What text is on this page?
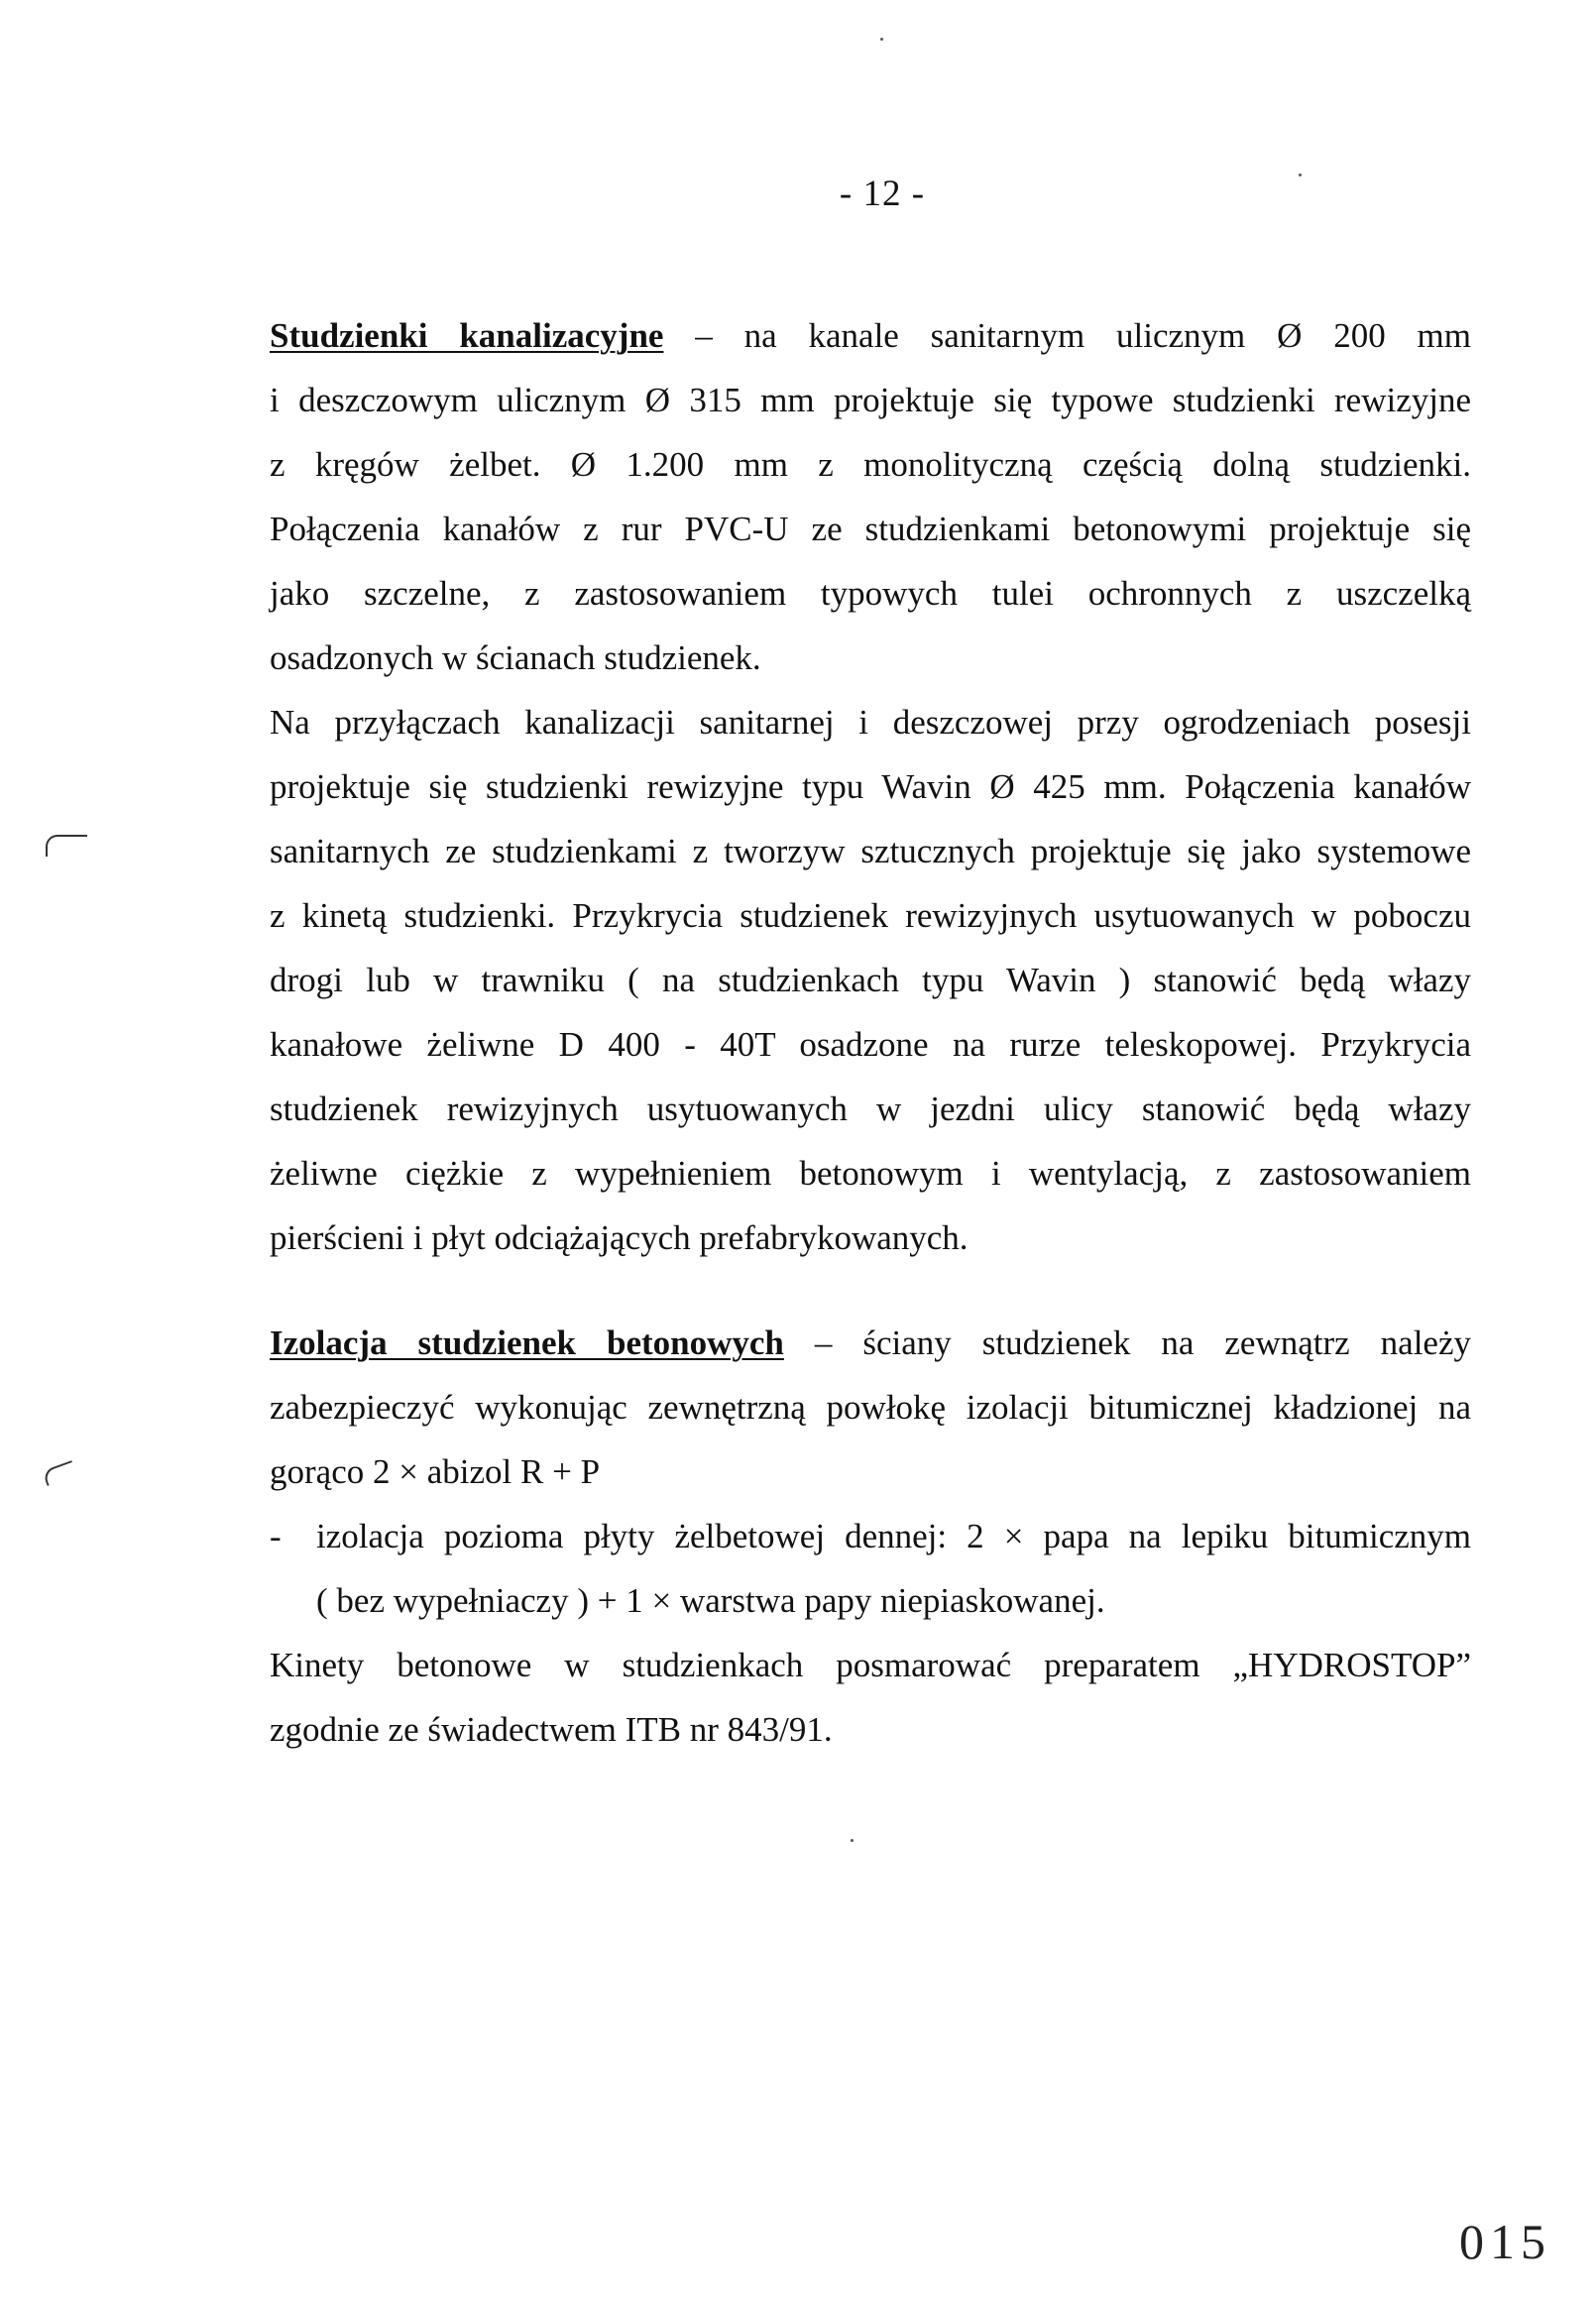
- 12 -
Studzienki kanalizacyjne – na kanale sanitarnym ulicznym Ø 200 mm
i deszczowym ulicznym Ø 315 mm projektuje się typowe studzienki rewizyjne
z kręgów żelbet. Ø 1.200 mm z monolityczną częścią dolną studzienki.
Połączenia kanałów z rur PVC-U ze studzienkami betonowymi projektuje się
jako szczelne, z zastosowaniem typowych tulei ochronnych z uszczelką
osadzonych w ścianach studzienek.
Na przyłączach kanalizacji sanitarnej i deszczowej przy ogrodzeniach posesji
projektuje się studzienki rewizyjne typu Wavin Ø 425 mm. Połączenia kanałów
sanitarnych ze studzienkami z tworzyw sztucznych projektuje się jako systemowe
z kinetą studzienki. Przykrycia studzienek rewizyjnych usytuowanych w poboczu
drogi lub w trawniku ( na studzienkach typu Wavin ) stanowić będą włazy
kanałowe żeliwne D 400 - 40T osadzone na rurze teleskopowej. Przykrycia
studzienek rewizyjnych usytuowanych w jezdni ulicy stanowić będą włazy
żeliwne ciężkie z wypełnieniem betonowym i wentylacją, z zastosowaniem
pierścieni i płyt odciążających prefabrykowanych.
Izolacja studzienek betonowych – ściany studzienek na zewnątrz należy
zabezpieczyć wykonując zewnętrzną powłokę izolacji bitumicznej kładzionej na
gorąco 2 × abizol R + P
- izolacja pozioma płyty żelbetowej dennej: 2 × papa na lepiku bitumicznym
( bez wypełniaczy ) + 1 × warstwa papy niepiaskowanej.
Kinety betonowe w studzienkach posmarować preparatem „HYDROSTOP”
zgodnie ze świadectwem ITB nr 843/91.
015
